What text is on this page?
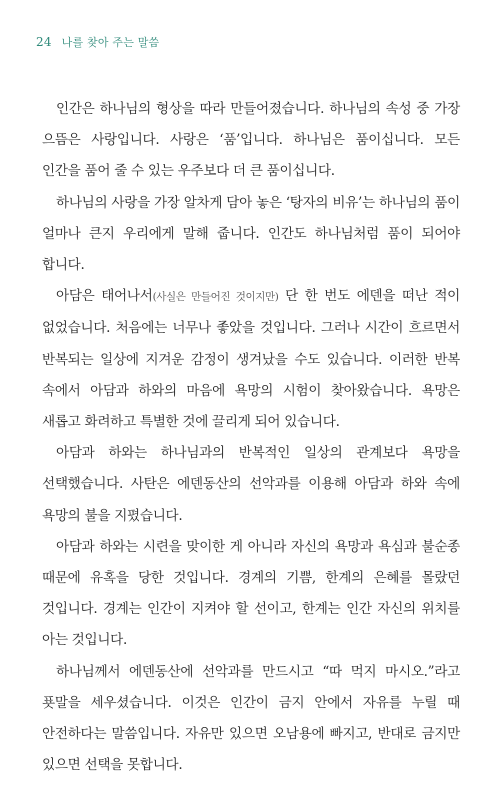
24 나를 찾아 주는 말씀

인간은 하나님의 형상을 따라 만들어졌습니다. 하나님의 속성 중 가장 으뜸은 사랑입니다. 사랑은 ‘품’입니다. 하나님은 품이십니다. 모든 인간을 품어 줄 수 있는 우주보다 더 큰 품이십니다.

하나님의 사랑을 가장 알차게 담아 놓은 ‘탕자의 비유’는 하나님의 품이 얼마나 큰지 우리에게 말해 줍니다. 인간도 하나님처럼 품이 되어야 합니다.

아담은 태어나서(사실은 만들어진 것이지만) 단 한 번도 에덴을 떠난 적이 없었습니다. 처음에는 너무나 좋았을 것입니다. 그러나 시간이 흐르면서 반복되는 일상에 지겨운 감정이 생겨났을 수도 있습니다. 이러한 반복 속에서 아담과 하와의 마음에 욕망의 시험이 찾아왔습니다. 욕망은 새롭고 화려하고 특별한 것에 끌리게 되어 있습니다.

아담과 하와는 하나님과의 반복적인 일상의 관계보다 욕망을 선택했습니다. 사탄은 에덴동산의 선악과를 이용해 아담과 하와 속에 욕망의 불을 지폈습니다.

아담과 하와는 시련을 맞이한 게 아니라 자신의 욕망과 욕심과 불순종 때문에 유혹을 당한 것입니다. 경계의 기쁨, 한계의 은혜를 몰랐던 것입니다. 경계는 인간이 지켜야 할 선이고, 한계는 인간 자신의 위치를 아는 것입니다.

하나님께서 에덴동산에 선악과를 만드시고 “따 먹지 마시오.”라고 푯말을 세우셨습니다. 이것은 인간이 금지 안에서 자유를 누릴 때 안전하다는 말씀입니다. 자유만 있으면 오남용에 빠지고, 반대로 금지만 있으면 선택을 못합니다.
